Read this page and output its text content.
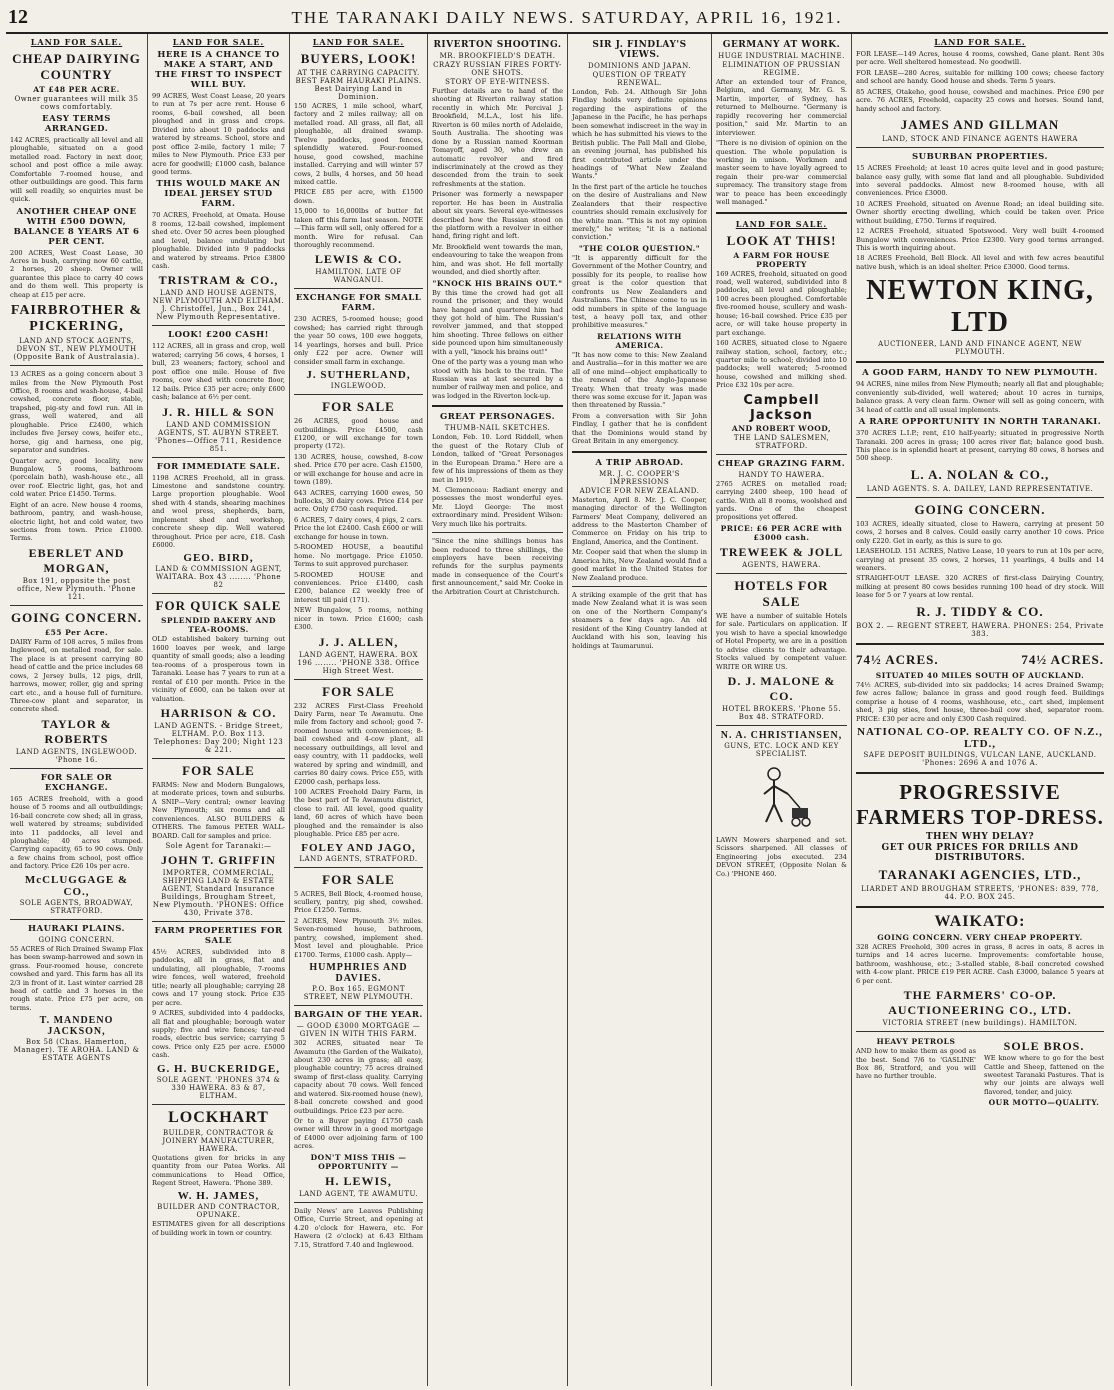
12	THE TARANAKI DAILY NEWS. SATURDAY, APRIL 16, 1921.
LAND FOR SALE.
CHEAP DAIRYING COUNTRY
AT £48 PER ACRE.
Owner guarantees will milk 35 cows comfortably.
EASY TERMS ARRANGED.

142 ACRES, practically all level and all ploughable, situated on a good metalled road. Factory in next door, school and post office a mile away. Comfortable 7-roomed house, and other outbuildings are good. This farm will sell readily, so enquiries must be quick.

ANOTHER CHEAP ONE WITH £500 DOWN, BALANCE 8 YEARS AT 6 PER CENT.

200 ACRES, West Coast Lease, 30 Acres in bush, carrying now 60 cattle, 2 horses, 20 sheep. Owner will guarantee this place to carry 40 cows and do them well. This property is cheap at £15 per acre.

FAIRBROTHER & PICKERING,
LAND AND STOCK AGENTS, DEVON ST., NEW PLYMOUTH (Opposite Bank of Australasia).

13 ACRES as a going concern about 3 miles from the New Plymouth Post Office, 8 rooms and wash-house, 4-bail cowshed, concrete floor, stable, trapshed, pig-sty and fowl run. All in grass, well watered, and all ploughable. Price £2400, which includes five Jersey cows, heifer etc., horse, gig and harness, one pig, separator and sundries.

Quarter acre, good locality, new Bungalow, 5 rooms, bathroom (porcelain bath), wash-house etc., all over roof. Electric light, gas, hot and cold water. Price £1450. Terms.

Eight of an acre. New house 4 rooms, bathroom, pantry, and wash-house, electric light, hot and cold water, two sections from town. Price £1000. Terms.

EBERLET AND MORGAN,
Box 191, opposite the post office, New Plymouth. 'Phone 121.
GOING CONCERN.
£55 Per Acre.

DAIRY Farm of 108 acres, 5 miles from Inglewood, on metalled road, for sale. The place is at present carrying 80 head of cattle and the price includes 68 cows, 2 Jersey bulls, 12 pigs, drill, harrows, mower, roller, gig and spring cart etc., and a house full of furniture. Three-cow plant and separator, in concrete shed.

TAYLOR & ROBERTS
LAND AGENTS, INGLEWOOD. 'Phone 16.
FOR SALE OR EXCHANGE.

165 ACRES freehold, with a good house of 5 rooms and all outbuildings; 16-bail concrete cow shed; all in grass, well watered by streams; subdivided into 11 paddocks, all level and ploughable; 40 acres stumped. Carrying capacity, 65 to 90 cows. Only a few chains from school, post office and factory. Price £26 10s per acre.

McCLUGGAGE & CO.,
SOLE AGENTS, BROADWAY, STRATFORD.
HAURAKI PLAINS.
GOING CONCERN.

55 ACRES of Rich Drained Swamp Flax has been swamp-harrowed and sown in grass. Four-roomed house, concrete cowshed and yard. This farm has all its 2/3 in front of it. Last winter carried 28 head of cattle and 3 horses in the rough state. Price £75 per acre, on terms.

T. MANDENO JACKSON,
Box 58 (Chas. Hamerton, Manager). TE AROHA. LAND & ESTATE AGENTS
LAND FOR SALE.
HERE IS A CHANCE TO MAKE A START, AND THE FIRST TO INSPECT WILL BUY.

99 ACRES, West Coast Lease, 20 years to run at 7s per acre rent. House 6 rooms, 6-bail cowshed, all been ploughed and in grass and crops. Divided into about 10 paddocks and watered by streams. School, store and post office 2-mile, factory 1 mile; 7 miles to New Plymouth. Price £33 per acre for goodwill; £1000 cash, balance good terms.

THIS WOULD MAKE AN IDEAL JERSEY STUD FARM.

70 ACRES, Freehold, at Omata. House 8 rooms, 12-bail cowshed, implement shed etc. Over 50 acres been ploughed and level, balance undulating but ploughable. Divided into 9 paddocks and watered by streams. Price £3800 cash.

TRISTRAM & CO.,
LAND AND HOUSE AGENTS, NEW PLYMOUTH AND ELTHAM. J. Christoffel, Jun., Box 241, New Plymouth Representative.
LOOK! £200 CASH!

112 ACRES, all in grass and crop, well watered; carrying 56 cows, 4 horses, 1 bull, 23 weaners; factory, school and post office one mile. House of five rooms, cow shed with concrete floor, 12 bails. Price £35 per acre; only £600 cash; balance at 6½ per cent.

J. R. HILL & SON
LAND AND COMMISSION AGENTS, ST. AUBYN STREET. 'Phones—Office 711, Residence 851.
FOR IMMEDIATE SALE.

1198 ACRES Freehold, all in grass. Limestone and sandstone country. Large proportion ploughable. Wool shed with 4 stands, shearing machines and wool press, shepherds, barn, implement shed and workshop, concrete sheep dip. Well watered throughout. Price per acre, £18. Cash £6000.

GEO. BIRD,
LAND & COMMISSION AGENT, WAITARA. Box 43 ........ 'Phone 82
FOR QUICK SALE
SPLENDID BAKERY AND TEA-ROOMS.

OLD established bakery turning out 1600 loaves per week, and large quantity of small goods; also a leading tea-rooms of a prosperous town in Taranaki. Lease has 7 years to run at a rental of £10 per month. Price in the vicinity of £600, can be taken over at valuation.

HARRISON & CO.
LAND AGENTS. - Bridge Street, ELTHAM. P.O. Box 113. Telephones: Day 200; Night 123 & 221.
FOR SALE

FARMS: New and Modern Bungalows, at moderate prices, town and suburbs. A SNIP—Very central; owner leaving New Plymouth; six rooms and all conveniences. ALSO BUILDERS & OTHERS. The famous PETER WALL-BOARD. Call for samples and price.

Sole Agent for Taranaki:—
JOHN T. GRIFFIN
IMPORTER, COMMERCIAL, SHIPPING LAND & ESTATE AGENT, Standard Insurance Buildings, Brougham Street, New Plymouth. 'PHONES: Office 430, Private 378.
FARM PROPERTIES FOR SALE

45½ ACRES, subdivided into 8 paddocks, all in grass, flat and undulating, all ploughable, 7-rooms wire fences, well watered, freehold title; nearly all ploughable; carrying 28 cows and 17 young stock. Price £35 per acre.

9 ACRES, subdivided into 4 paddocks, all flat and ploughable; borough water supply; five and wire fences; tar-red roads, electric bus service; carrying 5 cows. Price only £25 per acre. £5000 cash.

G. H. BUCKERIDGE,
SOLE AGENT. 'PHONES 374 & 330 HAWERA. 83 & 87, ELTHAM.
LOCKHART
BUILDER, CONTRACTOR & JOINERY MANUFACTURER, HAWERA.

Quotations given for bricks in any quantity from our Patea Works. All communications to Head Office, Regent Street, Hawera. 'Phone 389.

W. H. JAMES,
BUILDER AND CONTRACTOR, OPUNAKE.

ESTIMATES given for all descriptions of building work in town or country.

LAND FOR SALE.
BUYERS, LOOK!
AT THE CARRYING CAPACITY. BEST FARM HAURAKI PLAINS. Best Dairying Land in Dominion.

150 ACRES, 1 mile school, wharf, factory and 2 miles railway; all on metalled road. All grass, all flat, all ploughable, all drained swamp. Twelve paddocks, good fences, splendidly watered. Four-roomed house, good cowshed, machine installed. Carrying and will winter 57 cows, 2 bulls, 4 horses, and 50 head mixed cattle.

PRICE £85 per acre, with £1500 down.

15,000 to 16,000lbs of butter fat taken off this farm last season. NOTE—This farm will sell, only offered for a month. Wire for refusal. Can thoroughly recommend.

LEWIS & CO.
HAMILTON. LATE OF WANGANUI.
EXCHANGE FOR SMALL FARM.

230 ACRES, 5-roomed house; good cowshed; has carried right through the year 50 cows, 100 ewe hoggets, 14 yearlings, horses and bull. Price only £22 per acre. Owner will consider small farm in exchange.

J. SUTHERLAND,
INGLEWOOD.
FOR SALE

26 ACRES, good house and outbuildings. Price £4500, cash £1200, or will exchange for town property (172).

130 ACRES, house, cowshed, 8-cow shed. Price £70 per acre. Cash £1500, or will exchange for house and acre in town (189).

643 ACRES, carrying 1600 ewes, 50 bullocks, 30 dairy cows. Price £14 per acre. Only £750 cash required.

6 ACRES, 7 dairy cows, 4 pigs, 2 cars. Price the lot £2400. Cash £600 or will exchange for house in town.

5-ROOMED HOUSE, a beautiful home. No mortgage. Price £1050. Terms to suit approved purchaser.

5-ROOMED HOUSE and conveniences. Price £1400, cash £200, balance £2 weekly free of interest till paid (171).

NEW Bungalow, 5 rooms, nothing nicer in town. Price £1600; cash £300.

J. J. ALLEN,
LAND AGENT, HAWERA. BOX 196 ........ 'PHONE 338. Office High Street West.
FOR SALE

232 ACRES First-Class Freehold Dairy Farm, near Te Awamutu. One mile from factory and school; good 7-roomed house with conveniences; 8-bail cowshed and 4-cow plant, all necessary outbuildings, all level and easy country, with 11 paddocks, well watered by spring and windmill, and carries 80 dairy cows. Price £55, with £2000 cash, perhaps less.

100 ACRES Freehold Dairy Farm, in the best part of Te Awamutu district, close to rail. All level, good quality land, 60 acres of which have been ploughed and the remainder is also ploughable. Price £85 per acre.

FOLEY AND JAGO,
LAND AGENTS, STRATFORD.
FOR SALE

5 ACRES, Bell Block, 4-roomed house, scullery, pantry, pig shed, cowshed. Price £1250. Terms.

2 ACRES, New Plymouth 3½ miles. Seven-roomed house, bathroom, pantry, cowshed, implement shed. Most level and ploughable. Price £1700. Terms, £1000 cash. Apply—

HUMPHRIES AND DAVIES.
P.O. Box 165. EGMONT STREET, NEW PLYMOUTH.
BARGAIN OF THE YEAR.
— GOOD £3000 MORTGAGE — GIVEN IN WITH THIS FARM.

302 ACRES, situated near Te Awamutu (the Garden of the Waikato), about 230 acres in grass; all easy, ploughable country; 75 acres drained swamp of first-class quality. Carrying capacity about 70 cows. Well fenced and watered. Six-roomed house (new), 8-bail concrete cowshed and good outbuildings. Price £23 per acre.

Or to a Buyer paying £1750 cash owner will throw in a good mortgage of £4000 over adjoining farm of 100 acres.

DON'T MISS THIS — OPPORTUNITY —
H. LEWIS,
LAND AGENT, TE AWAMUTU.

Daily News' are Leaves Publishing Office, Currie Street, and opening at 4.20 o'clock for Hawera, etc. For Hawera (2 o'clock) at 6.43 Eltham 7.15, Stratford 7.40 and Inglewood.

RIVERTON SHOOTING.
MR. BROOKFIELD'S DEATH.
CRAZY RUSSIAN FIRES FORTY-ONE SHOTS.
STORY OF EYE-WITNESS.

Further details are to hand of the shooting at Riverton railway station recently in which Mr. Percival J. Brookfield, M.L.A., lost his life. Riverton is 60 miles north of Adelaide, South Australia. The shooting was done by a Russian named Koorman Tomayoff, aged 30, who drew an automatic revolver and fired indiscriminately at the crowd as they descended from the train to seek refreshments at the station.

Prisoner was formerly a newspaper reporter. He has been in Australia about six years. Several eye-witnesses described how the Russian stood on the platform with a revolver in either hand, firing right and left.

Mr. Brookfield went towards the man, endeavouring to take the weapon from him, and was shot. He fell mortally wounded, and died shortly after.

"KNOCK HIS BRAINS OUT."

By this time the crowd had got all round the prisoner, and they would have hanged and quartered him had they got hold of him. The Russian's revolver jammed, and that stopped him shooting. Three fellows on either side pounced upon him simultaneously with a yell, "knock his brains out!"

One of the party was a young man who stood with his back to the train. The Russian was at last secured by a number of railway men and police, and was lodged in the Riverton lock-up.

GREAT PERSONAGES.
THUMB-NAIL SKETCHES.

London, Feb. 10. Lord Riddell, when the guest of the Rotary Club of London, talked of "Great Personages in the European Drama." Here are a few of his impressions of them as they met in 1919.

M. Clemenceau: Radiant energy and possesses the most wonderful eyes. Mr. Lloyd George: The most extraordinary mind. President Wilson: Very much like his portraits.

"Since the nine shillings bonus has been reduced to three shillings, the employers have been receiving refunds for the surplus payments made in consequence of the Court's first announcement," said Mr. Cooke in the Arbitration Court at Christchurch.

SIR J. FINDLAY'S VIEWS.
DOMINIONS AND JAPAN.
QUESTION OF TREATY RENEWAL.

London, Feb. 24. Although Sir John Findlay holds very definite opinions regarding the aspirations of the Japanese in the Pacific, he has perhaps been somewhat indiscreet in the way in which he has submitted his views to the British public. The Pall Mall and Globe, an evening journal, has published his first contributed article under the headings of "What New Zealand Wants."

In the first part of the article he touches on the desire of Australians and New Zealanders that their respective countries should remain exclusively for the white man. "This is not my opinion merely," he writes; "it is a national conviction."

"THE COLOR QUESTION."

"It is apparently difficult for the Government of the Mother Country, and possibly for its people, to realise how great is the color question that confronts us New Zealanders and Australians. The Chinese come to us in odd numbers in spite of the language test, a heavy poll tax, and other prohibitive measures."

RELATIONS WITH AMERICA.

"It has now come to this: New Zealand and Australia—for in this matter we are all of one mind—object emphatically to the renewal of the Anglo-Japanese Treaty. When that treaty was made there was some excuse for it. Japan was then threatened by Russia."

From a conversation with Sir John Findlay, I gather that he is confident that the Dominions would stand by Great Britain in any emergency.

A TRIP ABROAD.
MR. J. C. COOPER'S IMPRESSIONS
ADVICE FOR NEW ZEALAND.

Masterton, April 8. Mr. J. C. Cooper, managing director of the Wellington Farmers' Meat Company, delivered an address to the Masterton Chamber of Commerce on Friday on his trip to England, America, and the Continent.

Mr. Cooper said that when the slump in America hits, New Zealand would find a good market in the United States for New Zealand produce.

A striking example of the grit that has made New Zealand what it is was seen on one of the Northern Company's steamers a few days ago. An old resident of the King Country landed at Auckland with his son, leaving his holdings at Taumarunui.

GERMANY AT WORK.
HUGE INDUSTRIAL MACHINE.
ELIMINATION OF PRUSSIAN REGIME.

After an extended tour of France, Belgium, and Germany, Mr. G. S. Martin, importer, of Sydney, has returned to Melbourne. "Germany is rapidly recovering her commercial position," said Mr. Martin to an interviewer.

"There is no division of opinion on the question. The whole population is working in unison. Workmen and master seem to have loyally agreed to regain their pre-war commercial supremacy. The transitory stage from war to peace has been exceedingly well managed."

LAND FOR SALE.
LOOK AT THIS!
A FARM FOR HOUSE PROPERTY

169 ACRES, freehold, situated on good road, well watered, subdivided into 8 paddocks, all level and ploughable; 100 acres been ploughed. Comfortable five-roomed house, scullery and wash-house; 16-bail cowshed. Price £35 per acre, or will take house property in part exchange.

160 ACRES, situated close to Ngaere railway station, school, factory, etc.; quarter mile to school; divided into 10 paddocks; well watered; 5-roomed house, cowshed and milking shed. Price £32 10s per acre.

Campbell Jackson
AND ROBERT WOOD,
THE LAND SALESMEN, STRATFORD.
CHEAP GRAZING FARM.
HANDY TO HAWERA.

2765 ACRES on metalled road; carrying 2400 sheep, 100 head of cattle. With all 8 rooms, woolshed and yards. One of the cheapest propositions yet offered.

PRICE: £6 PER ACRE with £3000 cash.
TREWEEK & JOLL
AGENTS, HAWERA.
HOTELS FOR SALE

WE have a number of suitable Hotels for sale. Particulars on application. If you wish to have a special knowledge of Hotel Property, we are in a position to advise clients to their advantage. Stocks valued by competent valuer. WRITE OR WIRE US.

D. J. MALONE & CO.
HOTEL BROKERS. 'Phone 55. Box 48. STRATFORD.
N. A. CHRISTIANSEN,
GUNS, ETC. LOCK AND KEY SPECIALIST.

LAWN Mowers sharpened and set. Scissors sharpened. All classes of Engineering jobs executed. 234 DEVON STREET, (Opposite Nolan & Co.) 'PHONE 460.

LAND FOR SALE.

FOR LEASE—149 Acres, house 4 rooms, cowshed, Gane plant. Rent 30s per acre. Well sheltered homestead. No goodwill.

FOR LEASE—280 Acres, suitable for milking 100 cows; cheese factory and school are handy. Good house and sheds. Term 5 years.

85 ACRES, Otakeho, good house, cowshed and machines. Price £90 per acre. 76 ACRES, Freehold, capacity 25 cows and horses. Sound land, handy school and factory.

JAMES AND GILLMAN
LAND, STOCK AND FINANCE AGENTS HAWERA
SUBURBAN PROPERTIES.

15 ACRES Freehold; at least 10 acres quite level and in good pasture; balance easy gully, with some flat land and all ploughable. Subdivided into several paddocks. Almost new 8-roomed house, with all conveniences. Price £3000.

10 ACRES Freehold, situated on Avenue Road; an ideal building site. Owner shortly erecting dwelling, which could be taken over. Price without building, £750. Terms if required.

12 ACRES Freehold, situated Spotswood. Very well built 4-roomed Bungalow with conveniences. Price £2300. Very good terms arranged. This is worth inquiring about.

18 ACRES Freehold, Bell Block. All level and with few acres beautiful native bush, which is an ideal shelter. Price £3000. Good terms.

NEWTON KING, LTD
AUCTIONEER, LAND AND FINANCE AGENT, NEW PLYMOUTH.
A GOOD FARM, HANDY TO NEW PLYMOUTH.

94 ACRES, nine miles from New Plymouth; nearly all flat and ploughable; conveniently sub-divided, well watered; about 10 acres in turnips, balance grass. A very clean farm. Owner will sell as going concern, with 34 head of cattle and all usual implements.

A RARE OPPORTUNITY IN NORTH TARANAKI.

370 ACRES L.I.P.; rent, £10 half-yearly; situated in progressive North Taranaki. 200 acres in grass; 100 acres river flat; balance good bush. This place is in splendid heart at present, carrying 80 cows, 8 horses and 500 sheep.

L. A. NOLAN & CO.,
LAND AGENTS. S. A. DAILEY, LAND REPRESENTATIVE.
GOING CONCERN.

103 ACRES, ideally situated, close to Hawera, carrying at present 50 cows, 2 horses and 8 calves. Could easily carry another 10 cows. Price only £220. Get in early, as this is sure to go.

LEASEHOLD. 151 ACRES, Native Lease, 10 years to run at 10s per acre, carrying at present 35 cows, 2 horses, 11 yearlings, 4 bulls and 14 weaners.

STRAIGHT-OUT LEASE. 320 ACRES of first-class Dairying Country, milking at present 80 cows besides running 100 head of dry stock. Will lease for 5 or 7 years at low rental.

R. J. TIDDY & CO.
BOX 2. — REGENT STREET, HAWERA. PHONES: 254, Private 383.
74½ ACRES.	74½ ACRES.
SITUATED 40 MILES SOUTH OF AUCKLAND.

74½ ACRES, sub-divided into six paddocks; 14 acres Drained Swamp; few acres fallow; balance in grass and good rough feed. Buildings comprise a house of 4 rooms, washhouse, etc., cart shed, implement shed, 3 pig sties, fowl house, three-bail cow shed, separator room. PRICE: £30 per acre and only £300 Cash required.

NATIONAL CO-OP. REALTY CO. OF N.Z., LTD.,
SAFE DEPOSIT BUILDINGS, VULCAN LANE, AUCKLAND. 'Phones: 2696 A and 1076 A.
PROGRESSIVE FARMERS TOP-DRESS.
THEN WHY DELAY?
GET OUR PRICES FOR DRILLS AND DISTRIBUTORS.
TARANAKI AGENCIES, LTD.,
LIARDET AND BROUGHAM STREETS, 'PHONES: 839, 778, 44. P.O. BOX 245.
WAIKATO:
GOING CONCERN. VERY CHEAP PROPERTY.

328 ACRES Freehold, 300 acres in grass, 8 acres in oats, 8 acres in turnips and 14 acres lucerne. Improvements: comfortable house, bathroom, washhouse, etc.; 3-stalled stable, 8-bail concreted cowshed with 4-cow plant. PRICE £19 PER ACRE. Cash £3000, balance 5 years at 6 per cent.

THE FARMERS' CO-OP. AUCTIONEERING CO., LTD.
VICTORIA STREET (new buildings). HAMILTON.
HEAVY PETROLS

AND how to make them as good as the best. Send 7/6 to 'GASLINE' Box 86, Stratford, and you will have no further trouble.

SOLE BROS.

WE know where to go for the best Cattle and Sheep, fattened on the sweetest Taranaki Pastures. That is why our joints are always well flavored, tender, and juicy.

OUR MOTTO—QUALITY.
